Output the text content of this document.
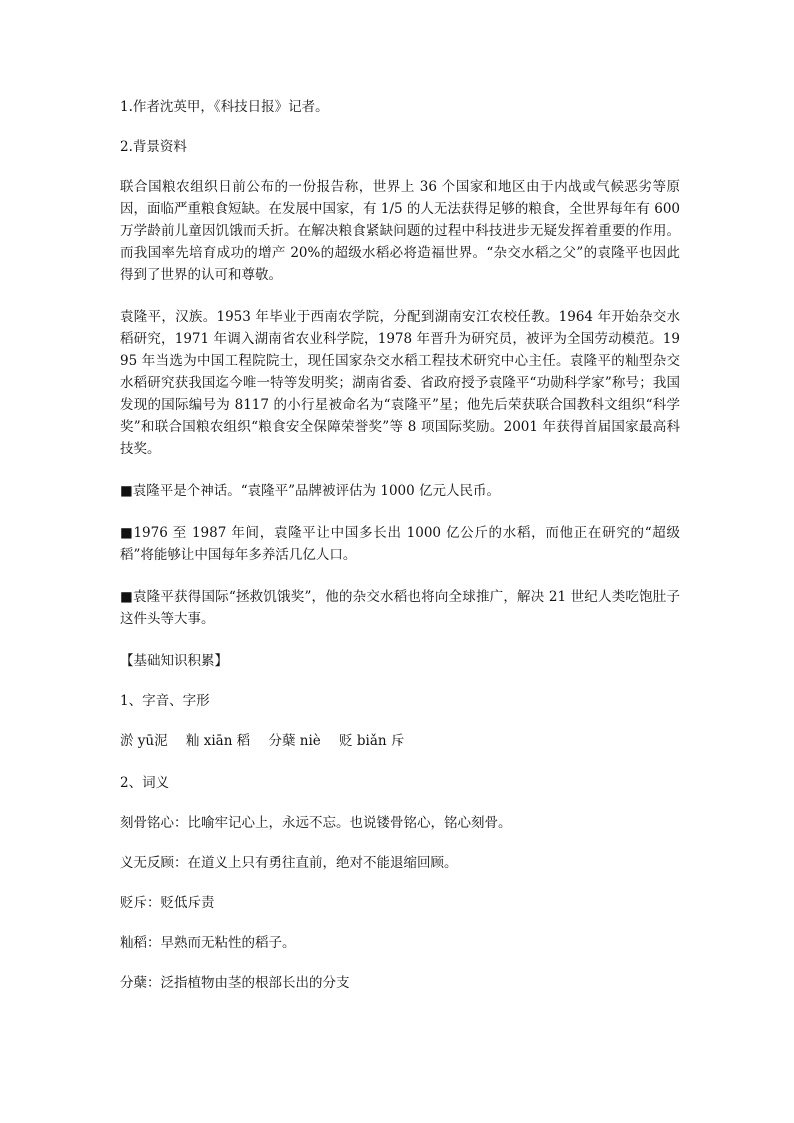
1.作者沈英甲，《科技日报》记者。

2.背景资料

联合国粮农组织日前公布的一份报告称，世界上 36 个国家和地区由于内战或气候恶劣等原因，面临严重粮食短缺。在发展中国家，有 1/5 的人无法获得足够的粮食，全世界每年有 600 万学龄前儿童因饥饿而夭折。在解决粮食紧缺问题的过程中科技进步无疑发挥着重要的作用。而我国率先培育成功的增产 20%的超级水稻必将造福世界。“杂交水稻之父”的袁隆平也因此得到了世界的认可和尊敬。

袁隆平，汉族。1953 年毕业于西南农学院，分配到湖南安江农校任教。1964 年开始杂交水稻研究，1971 年调入湖南省农业科学院，1978 年晋升为研究员，被评为全国劳动模范。1995 年当选为中国工程院院士，现任国家杂交水稻工程技术研究中心主任。袁隆平的籼型杂交水稻研究获我国迄今唯一特等发明奖；湖南省委、省政府授予袁隆平“功勋科学家”称号；我国发现的国际编号为 8117 的小行星被命名为“袁隆平”星；他先后荣获联合国教科文组织“科学奖”和联合国粮农组织“粮食安全保障荣誉奖”等 8 项国际奖励。2001 年获得首届国家最高科技奖。

■袁隆平是个神话。“袁隆平”品牌被评估为 1000 亿元人民币。

■1976 至 1987 年间，袁隆平让中国多长出 1000 亿公斤的水稻，而他正在研究的“超级稻”将能够让中国每年多养活几亿人口。

■袁隆平获得国际“拯救饥饿奖”，他的杂交水稻也将向全球推广，解决 21 世纪人类吃饱肚子这件头等大事。

【基础知识积累】

1、字音、字形

淤 yū泥 籼 xiān 稻 分蘖 niè 贬 biǎn 斥

2、词义

刻骨铭心：比喻牢记心上，永远不忘。也说镂骨铭心，铭心刻骨。

义无反顾：在道义上只有勇往直前，绝对不能退缩回顾。

贬斥：贬低斥责

籼稻：早熟而无粘性的稻子。

分蘖：泛指植物由茎的根部长出的分支
